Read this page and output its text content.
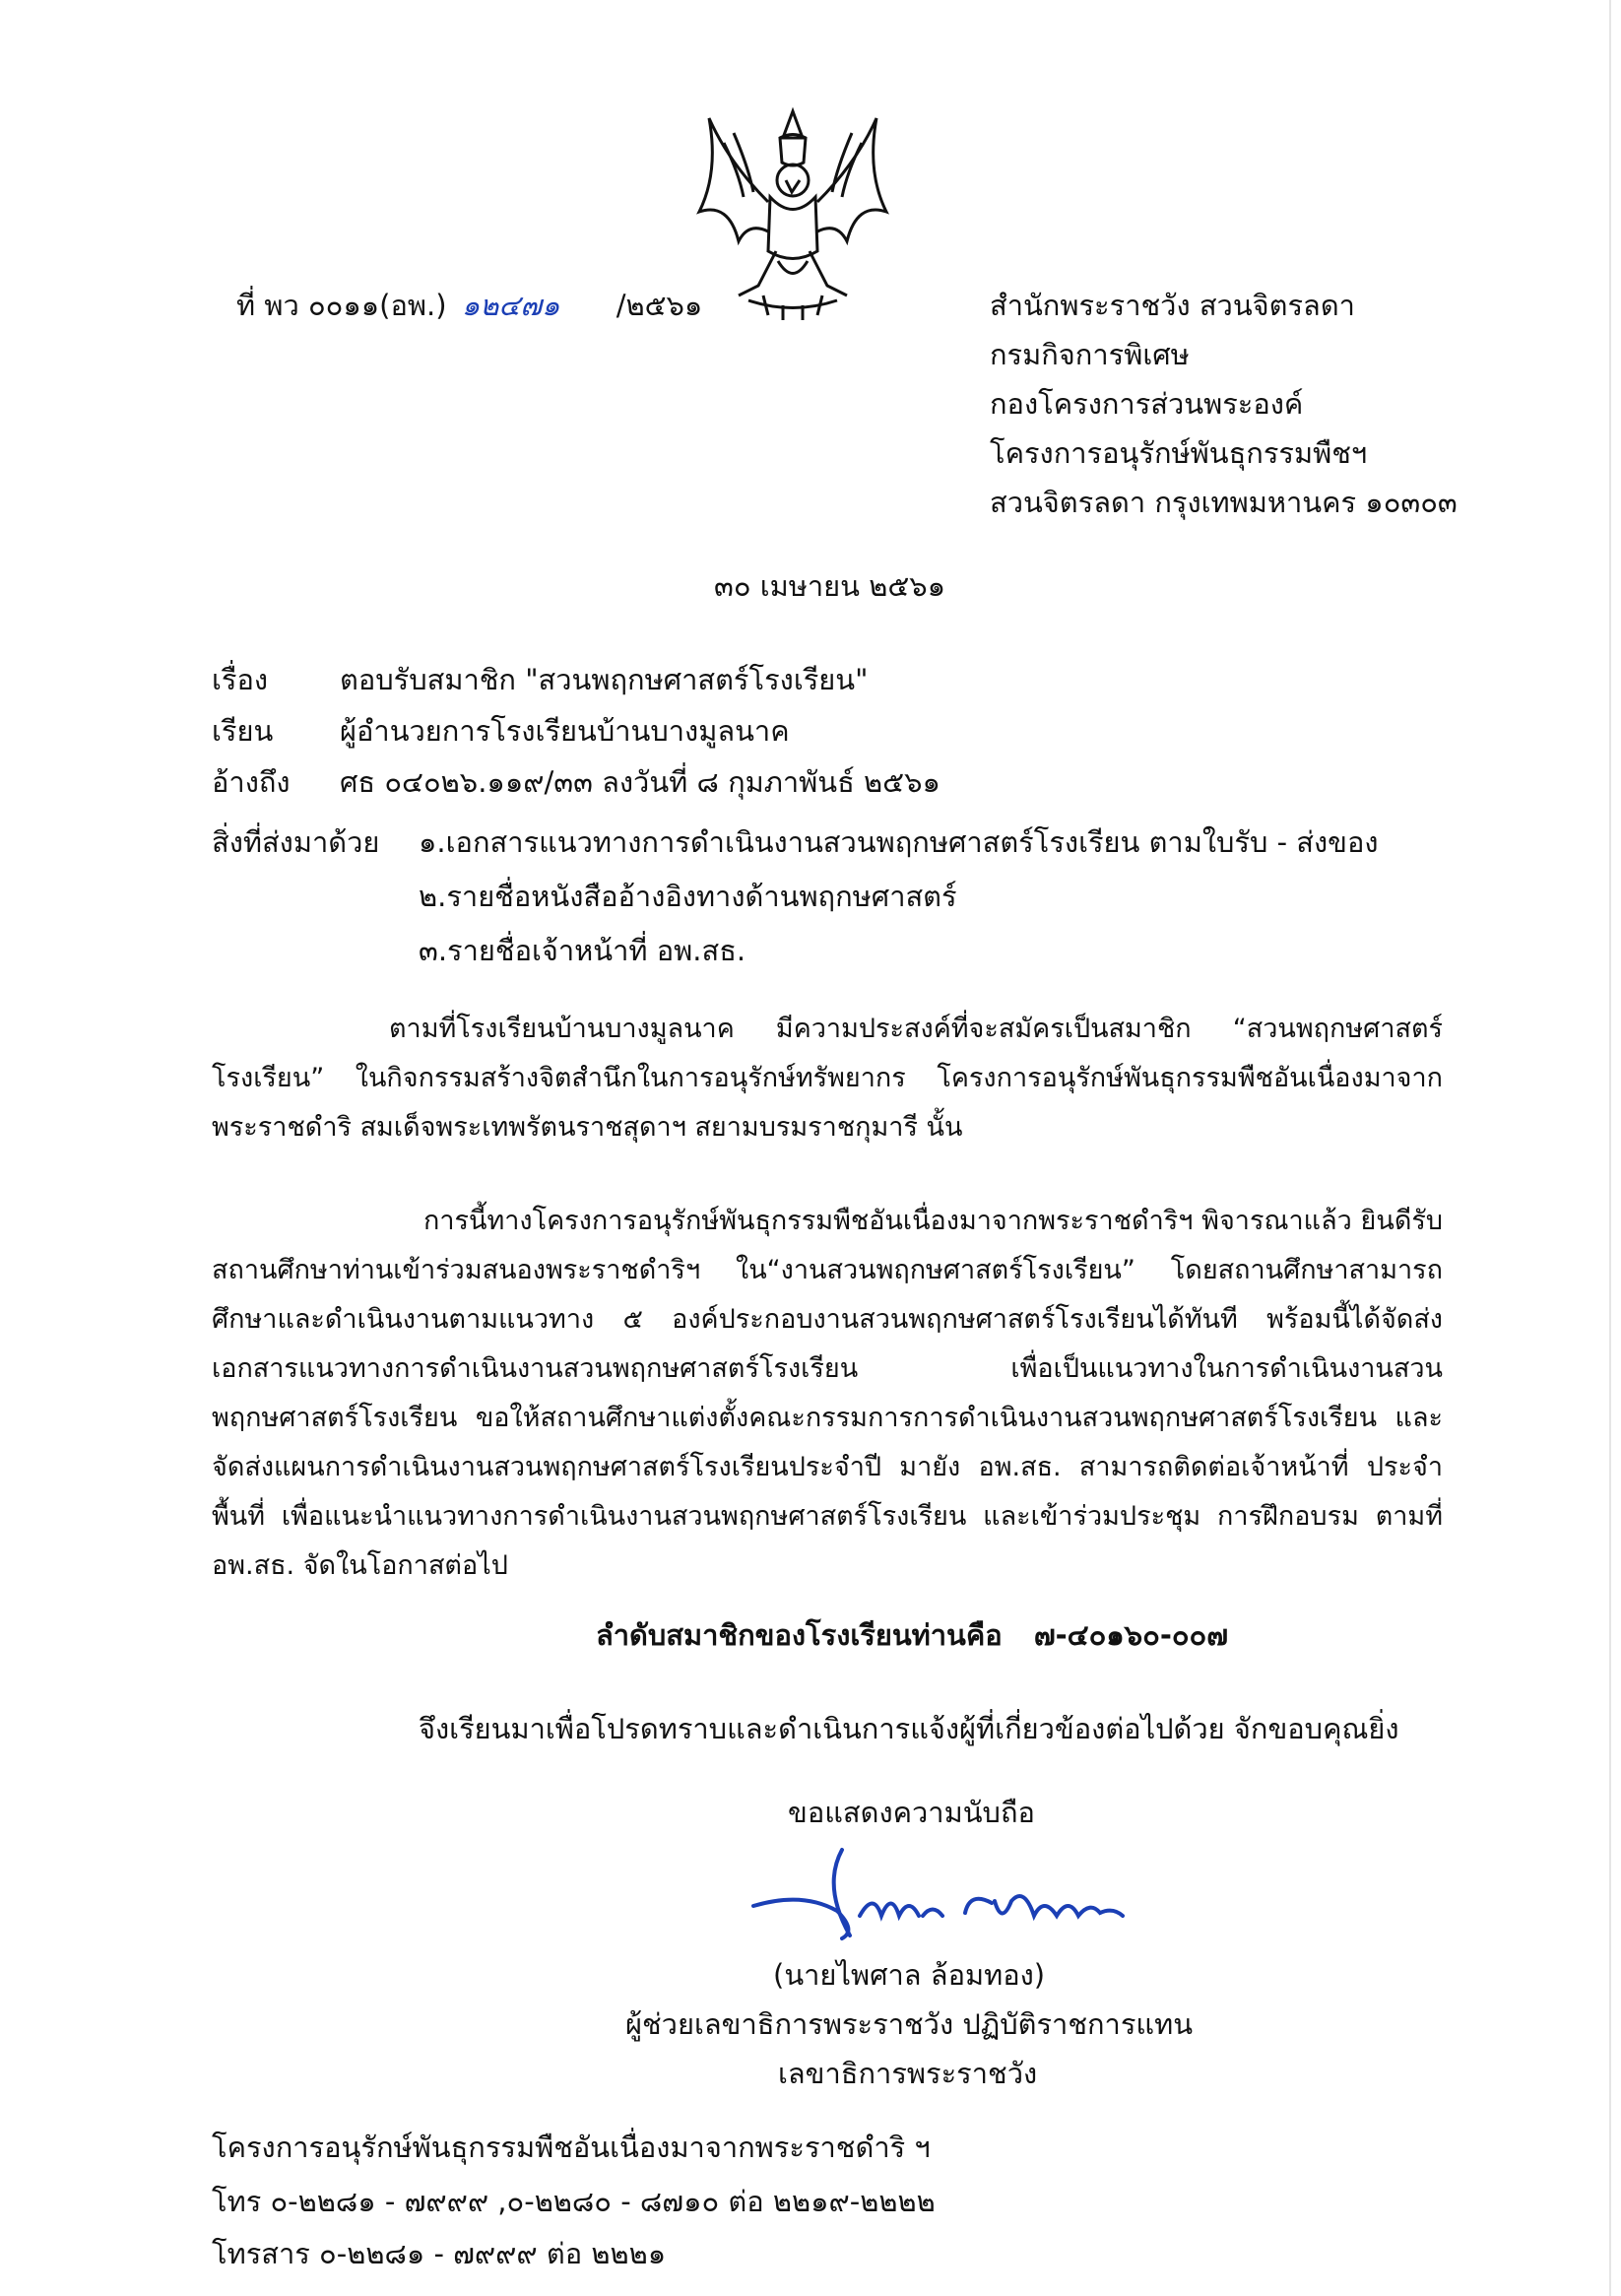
ที่ พว ๐๐๑๑(อพ.) ๑๒๔๗๑ /๒๕๖๑	สำนักพระราชวัง สวนจิตรลดา
กรมกิจการพิเศษ
กองโครงการส่วนพระองค์
โครงการอนุรักษ์พันธุกรรมพืชฯ
สวนจิตรลดา กรุงเทพมหานคร ๑๐๓๐๓
๓๐ เมษายน ๒๕๖๑
เรื่อง	ตอบรับสมาชิก "สวนพฤกษศาสตร์โรงเรียน"
เรียน ผู้อำนวยการโรงเรียนบ้านบางมูลนาค
อ้างถึง ศธ ๐๔๐๒๖.๑๑๙/๓๓ ลงวันที่ ๘ กุมภาพันธ์ ๒๕๖๑
สิ่งที่ส่งมาด้วย ๑.เอกสารแนวทางการดำเนินงานสวนพฤกษศาสตร์โรงเรียน ตามใบรับ - ส่งของ
๒.รายชื่อหนังสืออ้างอิงทางด้านพฤกษศาสตร์
๓.รายชื่อเจ้าหน้าที่ อพ.สธ.
ตามที่โรงเรียนบ้านบางมูลนาค มีความประสงค์ที่จะสมัครเป็นสมาชิก “สวนพฤกษศาสตร์โรงเรียน” ในกิจกรรมสร้างจิตสำนึกในการอนุรักษ์ทรัพยากร โครงการอนุรักษ์พันธุกรรมพืชอันเนื่องมาจากพระราชดำริ สมเด็จพระเทพรัตนราชสุดาฯ สยามบรมราชกุมารี นั้น
การนี้ทางโครงการอนุรักษ์พันธุกรรมพืชอันเนื่องมาจากพระราชดำริฯ พิจารณาแล้ว ยินดีรับสถานศึกษาท่านเข้าร่วมสนองพระราชดำริฯ ใน“งานสวนพฤกษศาสตร์โรงเรียน” โดยสถานศึกษาสามารถศึกษาและดำเนินงานตามแนวทาง ๕ องค์ประกอบงานสวนพฤกษศาสตร์โรงเรียนได้ทันที พร้อมนี้ได้จัดส่งเอกสารแนวทางการดำเนินงานสวนพฤกษศาสตร์โรงเรียน เพื่อเป็นแนวทางในการดำเนินงานสวนพฤกษศาสตร์โรงเรียน ขอให้สถานศึกษาแต่งตั้งคณะกรรมการการดำเนินงานสวนพฤกษศาสตร์โรงเรียน และจัดส่งแผนการดำเนินงานสวนพฤกษศาสตร์โรงเรียนประจำปี มายัง อพ.สธ. สามารถติดต่อเจ้าหน้าที่ ประจำพื้นที่ เพื่อแนะนำแนวทางการดำเนินงานสวนพฤกษศาสตร์โรงเรียน และเข้าร่วมประชุม การฝึกอบรม ตามที่ อพ.สธ. จัดในโอกาสต่อไป
ลำดับสมาชิกของโรงเรียนท่านคือ ๗-๔๐๑๖๐-๐๐๗
จึงเรียนมาเพื่อโปรดทราบและดำเนินการแจ้งผู้ที่เกี่ยวข้องต่อไปด้วย จักขอบคุณยิ่ง
ขอแสดงความนับถือ
(นายไพศาล ล้อมทอง)
ผู้ช่วยเลขาธิการพระราชวัง ปฏิบัติราชการแทน
เลขาธิการพระราชวัง
โครงการอนุรักษ์พันธุกรรมพืชอันเนื่องมาจากพระราชดำริ ฯ
โทร ๐-๒๒๘๑ - ๗๙๙๙ ,๐-๒๒๘๐ - ๘๗๑๐ ต่อ ๒๒๑๙-๒๒๒๒
โทรสาร ๐-๒๒๘๑ - ๗๙๙๙ ต่อ ๒๒๒๑
